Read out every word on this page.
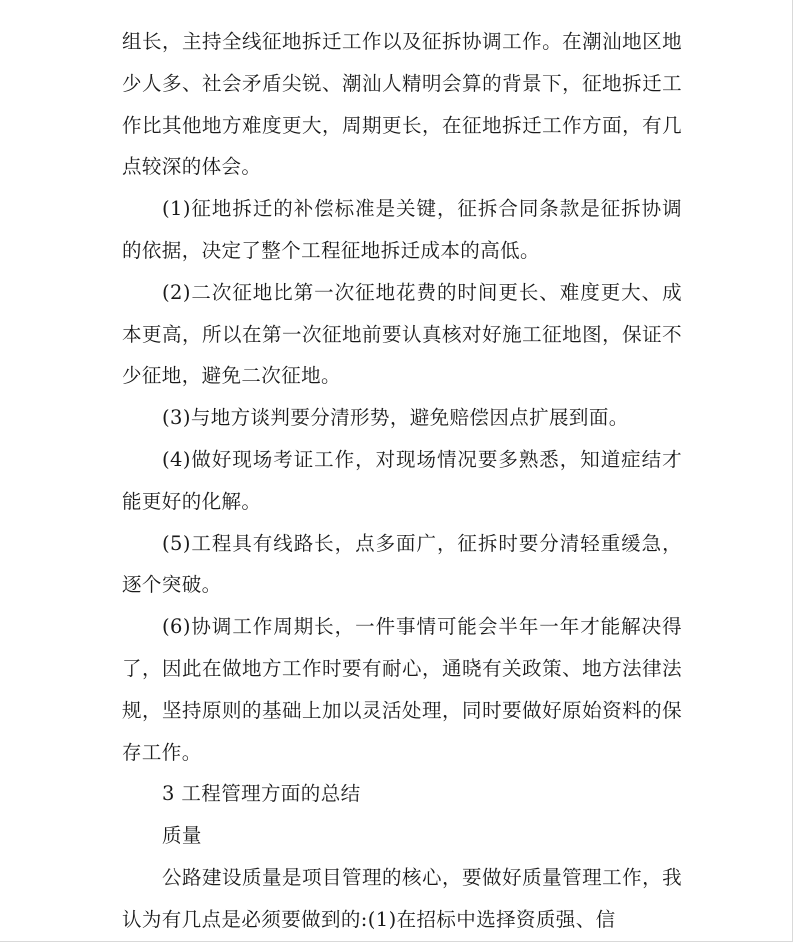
组长，主持全线征地拆迁工作以及征拆协调工作。在潮汕地区地少人多、社会矛盾尖锐、潮汕人精明会算的背景下，征地拆迁工作比其他地方难度更大，周期更长，在征地拆迁工作方面，有几点较深的体会。

(1)征地拆迁的补偿标准是关键，征拆合同条款是征拆协调的依据，决定了整个工程征地拆迁成本的高低。

(2)二次征地比第一次征地花费的时间更长、难度更大、成本更高，所以在第一次征地前要认真核对好施工征地图，保证不少征地，避免二次征地。

(3)与地方谈判要分清形势，避免赔偿因点扩展到面。

(4)做好现场考证工作，对现场情况要多熟悉，知道症结才能更好的化解。

(5)工程具有线路长，点多面广，征拆时要分清轻重缓急，逐个突破。

(6)协调工作周期长，一件事情可能会半年一年才能解决得了，因此在做地方工作时要有耐心，通晓有关政策、地方法律法规，坚持原则的基础上加以灵活处理，同时要做好原始资料的保存工作。

3 工程管理方面的总结

质量

公路建设质量是项目管理的核心，要做好质量管理工作，我认为有几点是必须要做到的:(1)在招标中选择资质强、信
